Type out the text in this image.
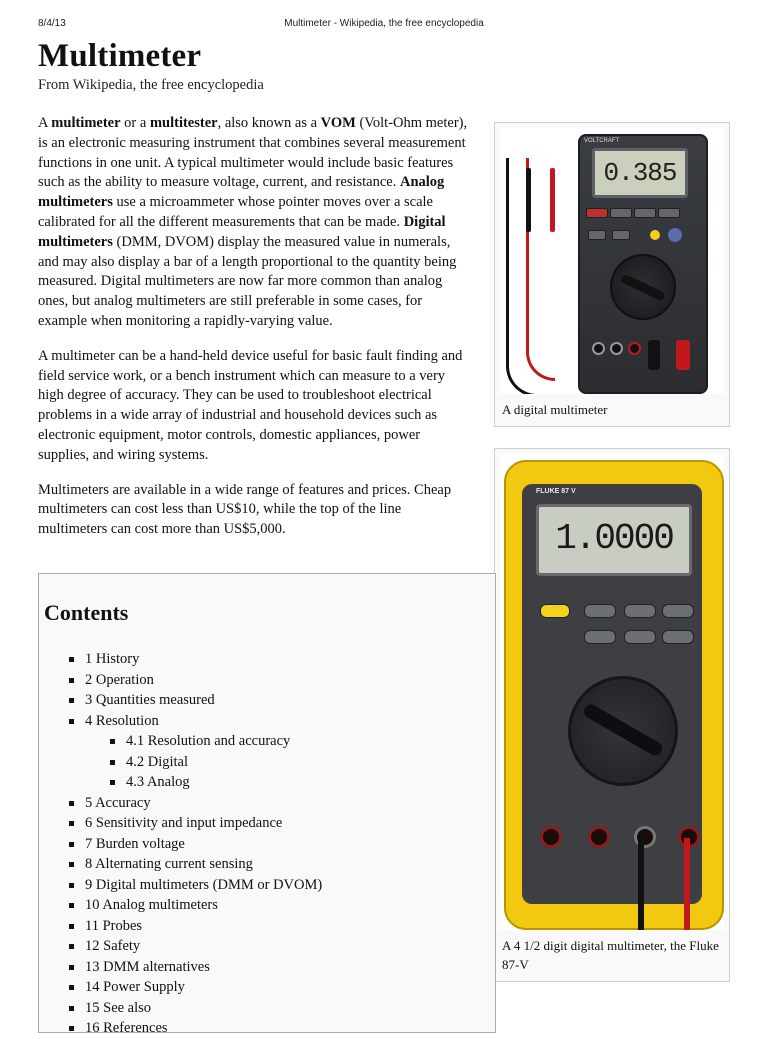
8/4/13	Multimeter - Wikipedia, the free encyclopedia
Multimeter
From Wikipedia, the free encyclopedia

A multimeter or a multitester, also known as a VOM (Volt-Ohm meter), is an electronic measuring instrument that combines several measurement functions in one unit. A typical multimeter would include basic features such as the ability to measure voltage, current, and resistance. Analog multimeters use a microammeter whose pointer moves over a scale calibrated for all the different measurements that can be made. Digital multimeters (DMM, DVOM) display the measured value in numerals, and may also display a bar of a length proportional to the quantity being measured. Digital multimeters are now far more common than analog ones, but analog multimeters are still preferable in some cases, for example when monitoring a rapidly-varying value.

A multimeter can be a hand-held device useful for basic fault finding and field service work, or a bench instrument which can measure to a very high degree of accuracy. They can be used to troubleshoot electrical problems in a wide array of industrial and household devices such as electronic equipment, motor controls, domestic appliances, power supplies, and wiring systems.

Multimeters are available in a wide range of features and prices. Cheap multimeters can cost less than US$10, while the top of the line multimeters can cost more than US$5,000.

VOLTCRAFT
0.385
A digital multimeter
FLUKE 87 V
1.0000
A 4 1/2 digit digital multimeter, the Fluke 87-V
Contents
1 History
2 Operation
3 Quantities measured
4 Resolution
4.1 Resolution and accuracy
4.2 Digital
4.3 Analog
5 Accuracy
6 Sensitivity and input impedance
7 Burden voltage
8 Alternating current sensing
9 Digital multimeters (DMM or DVOM)
10 Analog multimeters
11 Probes
12 Safety
13 DMM alternatives
14 Power Supply
15 See also
16 References
